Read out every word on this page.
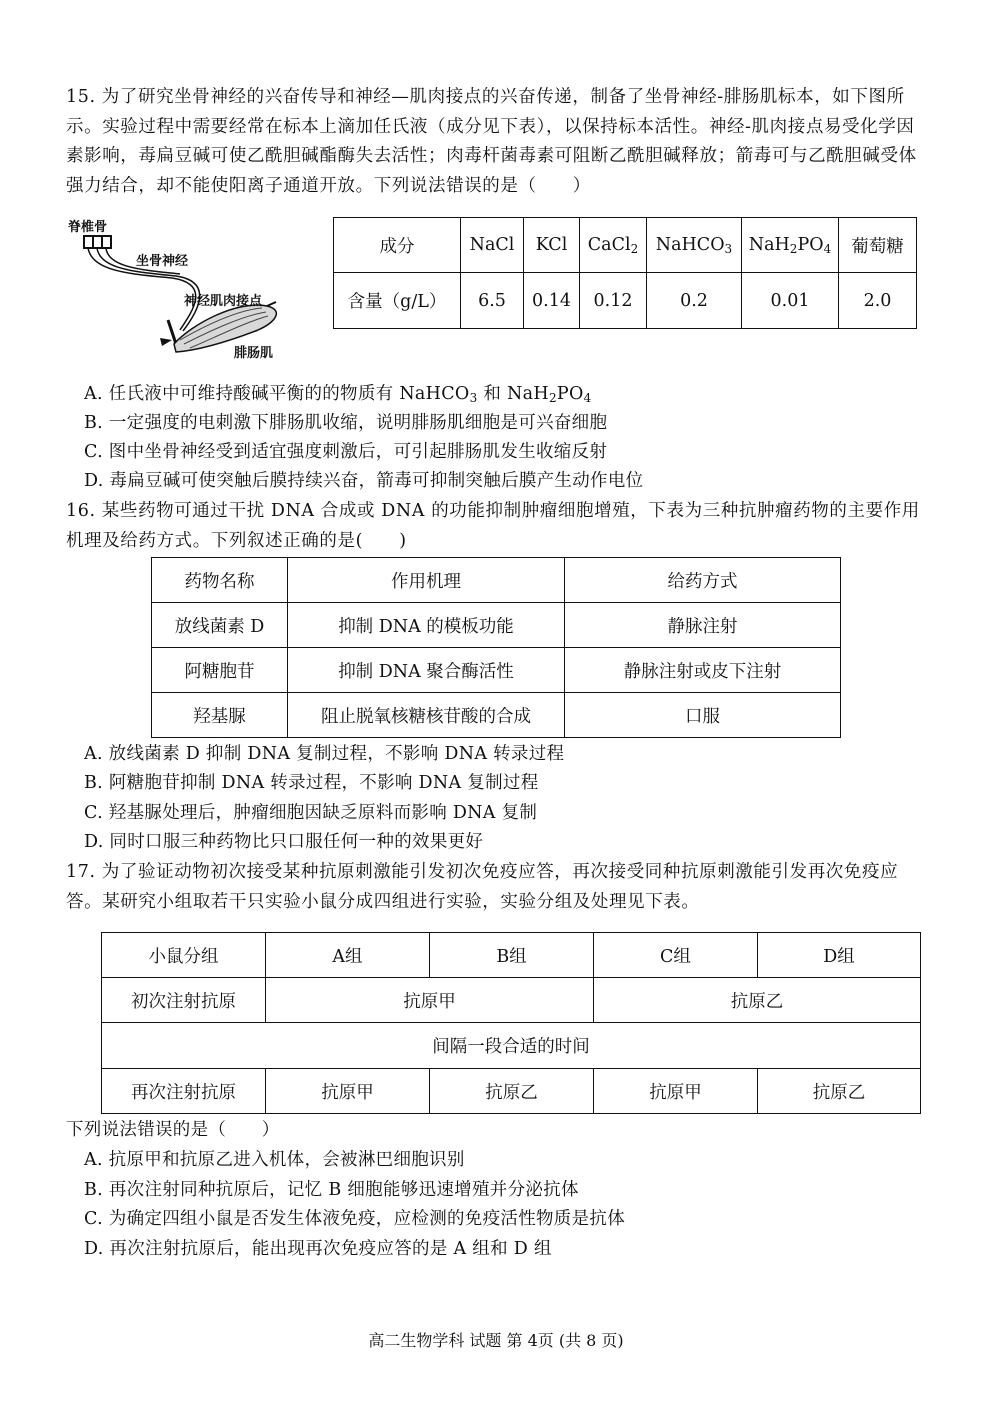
15. 为了研究坐骨神经的兴奋传导和神经—肌肉接点的兴奋传递，制备了坐骨神经-腓肠肌标本，如下图所示。实验过程中需要经常在标本上滴加任氏液（成分见下表），以保持标本活性。神经-肌肉接点易受化学因素影响，毒扁豆碱可使乙酰胆碱酯酶失去活性；肉毒杆菌毒素可阻断乙酰胆碱释放；箭毒可与乙酰胆碱受体强力结合，却不能使阳离子通道开放。下列说法错误的是（　　）

脊椎骨
坐骨神经
神经肌肉接点
腓肠肌
成分	NaCl	KCl	CaCl$_2$	NaHCO$_3$	$NaH_2PO_4$	葡萄糖
含量（g/L）	6.5	0.14	0.12	0.2	0.01	2.0

A. 任氏液中可维持酸碱平衡的的物质有 NaHCO$_3$ 和 $NaH_2PO_4$

B. 一定强度的电刺激下腓肠肌收缩，说明腓肠肌细胞是可兴奋细胞

C. 图中坐骨神经受到适宜强度刺激后，可引起腓肠肌发生收缩反射

D. 毒扁豆碱可使突触后膜持续兴奋，箭毒可抑制突触后膜产生动作电位

16. 某些药物可通过干扰 DNA 合成或 DNA 的功能抑制肿瘤细胞增殖，下表为三种抗肿瘤药物的主要作用机理及给药方式。下列叙述正确的是(　　)

药物名称	作用机理	给药方式
放线菌素 D	抑制 DNA 的模板功能	静脉注射
阿糖胞苷	抑制 DNA 聚合酶活性	静脉注射或皮下注射
羟基脲	阻止脱氧核糖核苷酸的合成	口服

A. 放线菌素 D 抑制 DNA 复制过程，不影响 DNA 转录过程

B. 阿糖胞苷抑制 DNA 转录过程，不影响 DNA 复制过程

C. 羟基脲处理后，肿瘤细胞因缺乏原料而影响 DNA 复制

D. 同时口服三种药物比只口服任何一种的效果更好

17. 为了验证动物初次接受某种抗原刺激能引发初次免疫应答，再次接受同种抗原刺激能引发再次免疫应答。某研究小组取若干只实验小鼠分成四组进行实验，实验分组及处理见下表。

小鼠分组	A组	B组	C组	D组
初次注射抗原	抗原甲		抗原乙	
间隔一段合适的时间				
再次注射抗原	抗原甲	抗原乙	抗原甲	抗原乙

下列说法错误的是（　　）

A. 抗原甲和抗原乙进入机体，会被淋巴细胞识别

B. 再次注射同种抗原后，记忆 B 细胞能够迅速增殖并分泌抗体

C. 为确定四组小鼠是否发生体液免疫，应检测的免疫活性物质是抗体

D. 再次注射抗原后，能出现再次免疫应答的是 A 组和 D 组

高二生物学科 试题 第 4页 (共 8 页)
